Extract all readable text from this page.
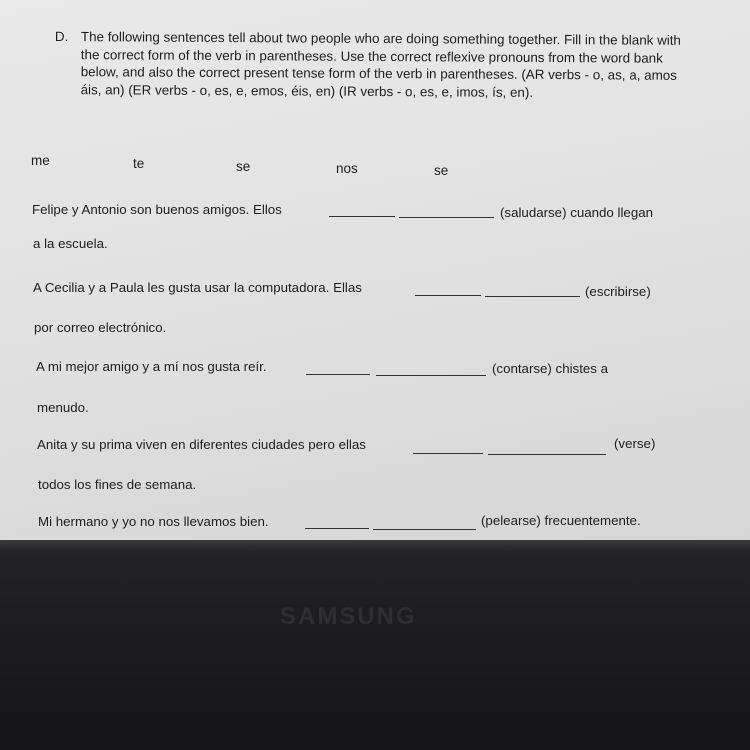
D. The following sentences tell about two people who are doing something together. Fill in the blank with the correct form of the verb in parentheses. Use the correct reflexive pronouns from the word bank below, and also the correct present tense form of the verb in parentheses. (AR verbs - o, as, a, amos áis, an) (ER verbs - o, es, e, emos, éis, en) (IR verbs - o, es, e, imos, ís, en).
me	te	se	nos	se
Felipe y Antonio son buenos amigos. Ellos	(saludarse) cuando llegan
a la escuela.
A Cecilia y a Paula les gusta usar la computadora. Ellas	(escribirse)
por correo electrónico.
A mi mejor amigo y a mí nos gusta reír.	(contarse) chistes a
menudo.
Anita y su prima viven en diferentes ciudades pero ellas	(verse)
todos los fines de semana.
Mi hermano y yo no nos llevamos bien.	(pelearse) frecuentemente.
SAMSUNG
